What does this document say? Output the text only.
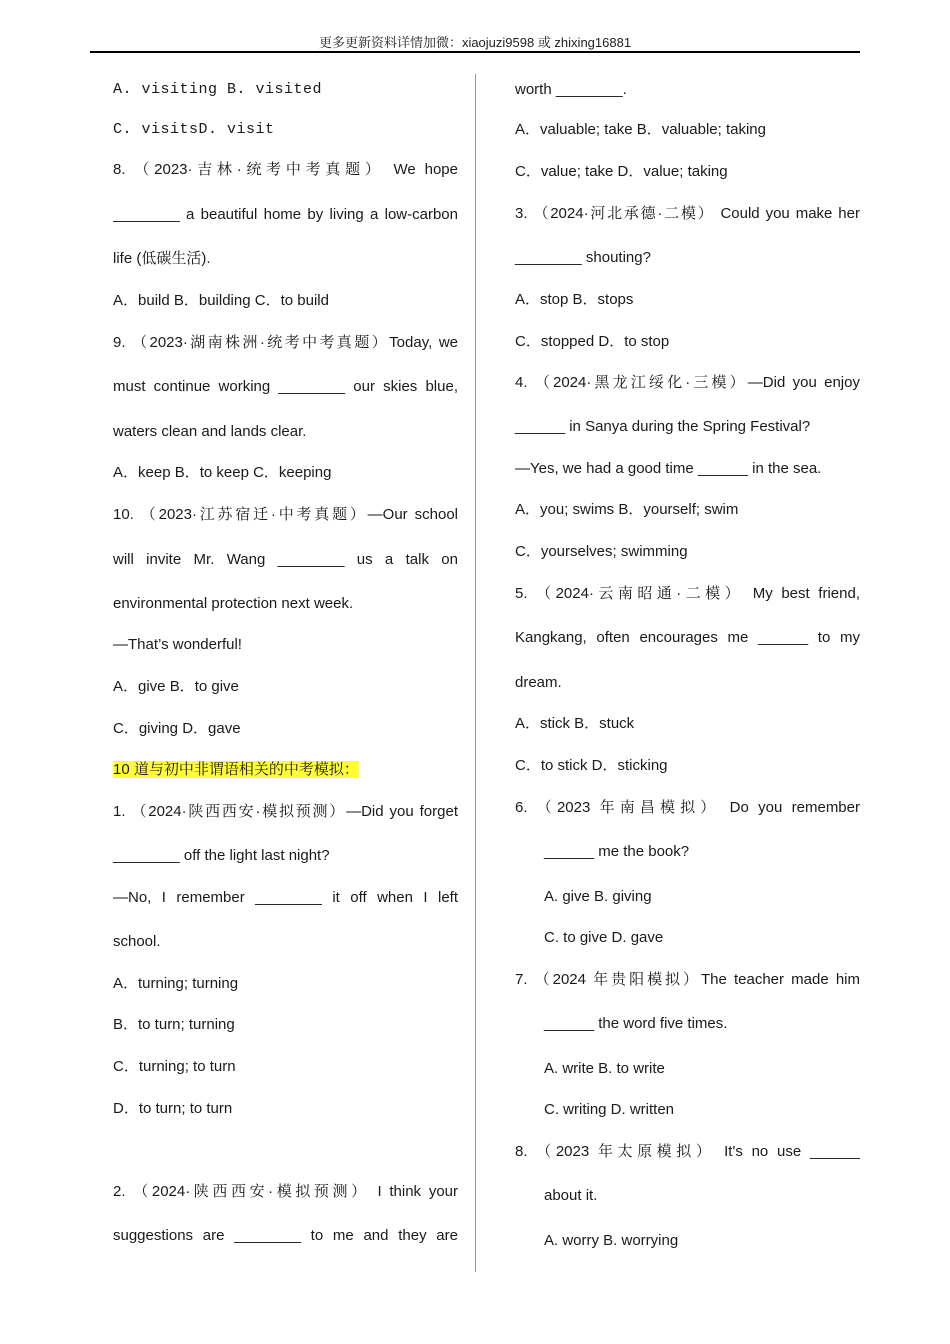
更多更新资料详情加微：xiaojuzi9598 或 zhixing16881
A. visiting B. visited
C. visitsD. visit
8. （2023·吉林·统考中考真题） We hope
________ a beautiful home by living a low-carbon
life (低碳生活).
A．build B．building C．to build
9. （2023·湖南株洲·统考中考真题）Today, we
must continue working ________ our skies blue,
waters clean and lands clear.
A．keep B．to keep C．keeping
10. （2023·江苏宿迁·中考真题）—Our school
will invite Mr. Wang ________ us a talk on
environmental protection next week.
—That’s wonderful!
A．give B．to give
C．giving D．gave
10 道与初中非谓语相关的中考模拟：
1. （2024·陕西西安·模拟预测）—Did you forget
________ off the light last night?
—No, I remember ________ it off when I left
school.
A．turning; turning
B．to turn; turning
C．turning; to turn
D．to turn; to turn
2. （2024·陕西西安·模拟预测） I think your
suggestions are ________ to me and they are
worth ________.
A．valuable; take B．valuable; taking
C．value; take D．value; taking
3. （2024·河北承德·二模） Could you make her
________ shouting?
A．stop B．stops
C．stopped D．to stop
4. （2024·黑龙江绥化·三模）—Did you enjoy
______ in Sanya during the Spring Festival?
—Yes, we had a good time ______ in the sea.
A．you; swims B．yourself; swim
C．yourselves; swimming
5. （2024·云南昭通·二模） My best friend,
Kangkang, often encourages me ______ to my
dream.
A．stick B．stuck
C．to stick D．sticking
6. （2023 年南昌模拟） Do you remember
______ me the book?
A. give B. giving
C. to give D. gave
7. （2024 年贵阳模拟）The teacher made him
______ the word five times.
A. write B. to write
C. writing D. written
8. （2023 年太原模拟） It's no use ______
about it.
A. worry B. worrying
